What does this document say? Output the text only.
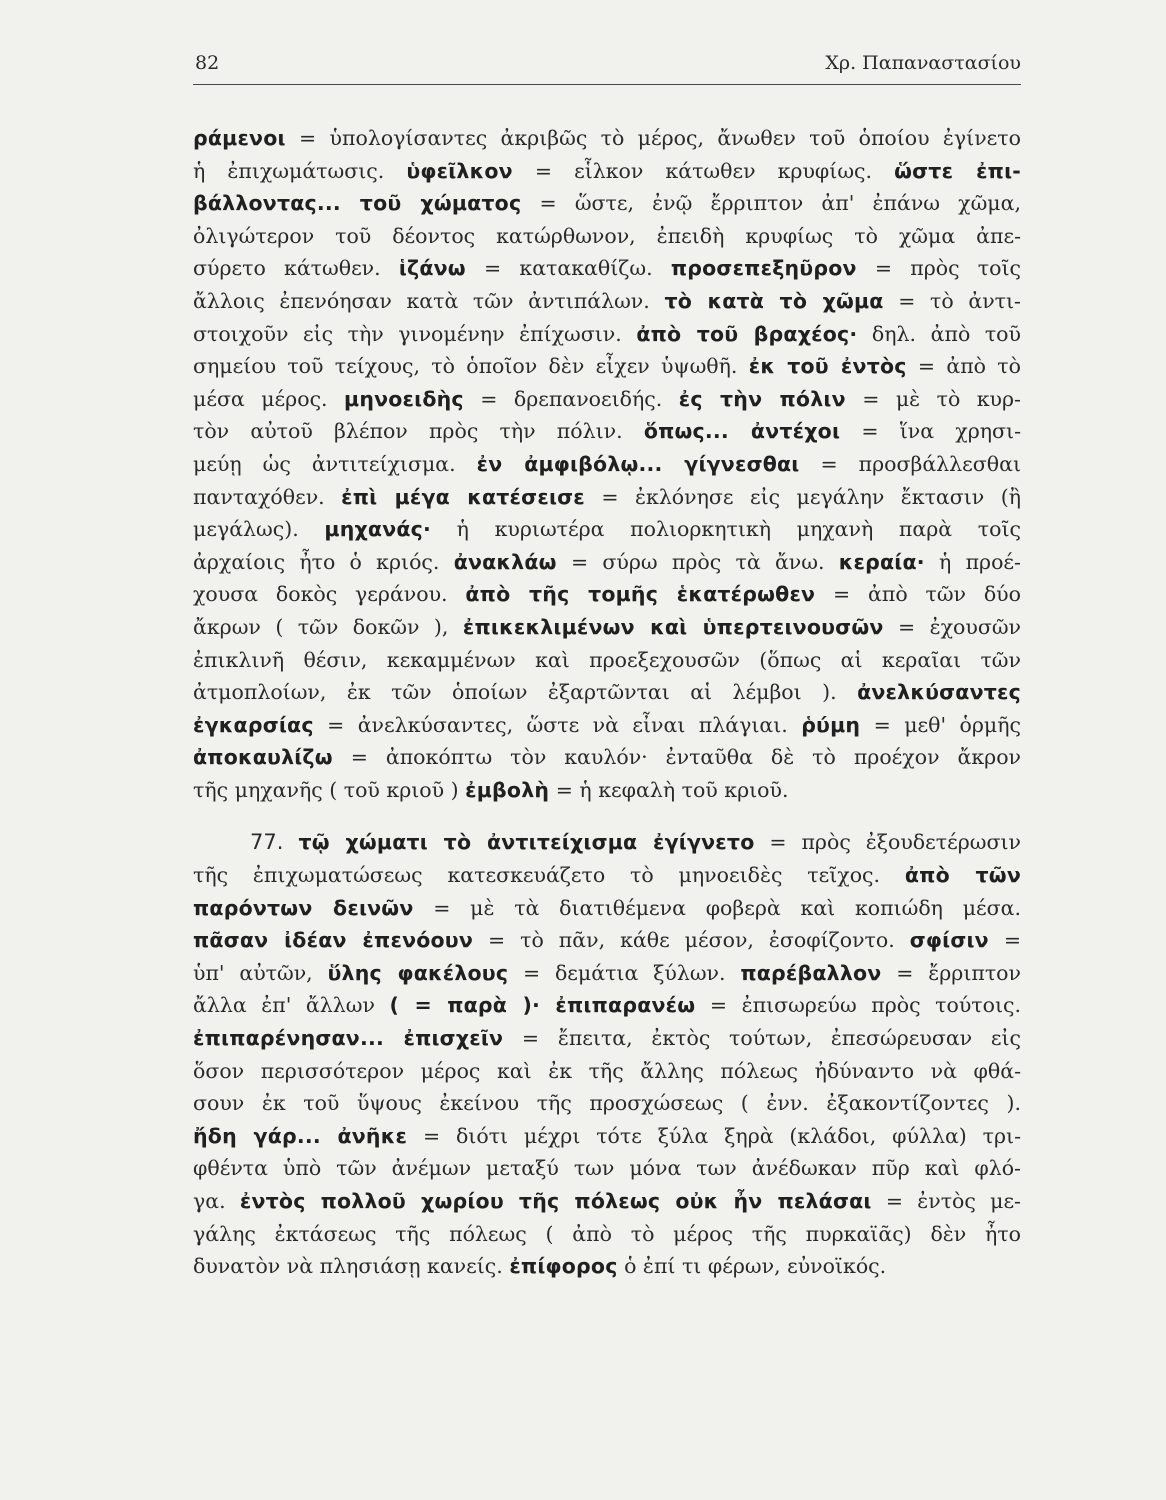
82	Χρ. Παπαναστασίου
ράμενοι = ὑπολογίσαντες ἀκριβῶς τὸ μέρος, ἄνωθεν τοῦ ὁποίου ἐγίνετο
ἡ ἐπιχωμάτωσις. ὑφεῖλκον = εἷλκον κάτωθεν κρυφίως. ὥστε ἐπι-
βάλλοντας... τοῦ χώματος = ὥστε, ἐνῷ ἔρριπτον ἀπ' ἐπάνω χῶμα,
ὀλιγώτερον τοῦ δέοντος κατώρθωνον, ἐπειδὴ κρυφίως τὸ χῶμα ἀπε-
σύρετο κάτωθεν. ἱζάνω = κατακαθίζω. προσεπεξηῦρον = πρὸς τοῖς
ἄλλοις ἐπενόησαν κατὰ τῶν ἀντιπάλων. τὸ κατὰ τὸ χῶμα = τὸ ἀντι-
στοιχοῦν εἰς τὴν γινομένην ἐπίχωσιν. ἀπὸ τοῦ βραχέος· δηλ. ἀπὸ τοῦ
σημείου τοῦ τείχους, τὸ ὁποῖον δὲν εἶχεν ὑψωθῆ. ἐκ τοῦ ἐντὸς = ἀπὸ τὸ
μέσα μέρος. μηνοειδὴς = δρεπανοειδής. ἐς τὴν πόλιν = μὲ τὸ κυρ-
τὸν αὐτοῦ βλέπον πρὸς τὴν πόλιν. ὅπως... ἀντέχοι = ἵνα χρησι-
μεύῃ ὡς ἀντιτείχισμα. ἐν ἀμφιβόλῳ... γίγνεσθαι = προσβάλλεσθαι
πανταχόθεν. ἐπὶ μέγα κατέσεισε = ἐκλόνησε εἰς μεγάλην ἔκτασιν (ἢ
μεγάλως). μηχανάς· ἡ κυριωτέρα πολιορκητικὴ μηχανὴ παρὰ τοῖς
ἀρχαίοις ἦτο ὁ κριός. ἀνακλάω = σύρω πρὸς τὰ ἄνω. κεραία· ἡ προέ-
χουσα δοκὸς γεράνου. ἀπὸ τῆς τομῆς ἑκατέρωθεν = ἀπὸ τῶν δύο
ἄκρων ( τῶν δοκῶν ), ἐπικεκλιμένων καὶ ὑπερτεινουσῶν = ἐχουσῶν
ἐπικλινῆ θέσιν, κεκαμμένων καὶ προεξεχουσῶν (ὅπως αἱ κεραῖαι τῶν
ἀτμοπλοίων, ἐκ τῶν ὁποίων ἐξαρτῶνται αἱ λέμβοι ). ἀνελκύσαντες
ἐγκαρσίας = ἀνελκύσαντες, ὥστε νὰ εἶναι πλάγιαι. ῥύμη = μεθ' ὁρμῆς
ἀποκαυλίζω = ἀποκόπτω τὸν καυλόν· ἐνταῦθα δὲ τὸ προέχον ἄκρον
τῆς μηχανῆς ( τοῦ κριοῦ ) ἐμβολὴ = ἡ κεφαλὴ τοῦ κριοῦ.
77. τῷ χώματι τὸ ἀντιτείχισμα ἐγίγνετο = πρὸς ἐξουδετέρωσιν
τῆς ἐπιχωματώσεως κατεσκευάζετο τὸ μηνοειδὲς τεῖχος. ἀπὸ τῶν
παρόντων δεινῶν = μὲ τὰ διατιθέμενα φοβερὰ καὶ κοπιώδη μέσα.
πᾶσαν ἰδέαν ἐπενόουν = τὸ πᾶν, κάθε μέσον, ἐσοφίζοντο. σφίσιν =
ὑπ' αὐτῶν, ὕλης φακέλους = δεμάτια ξύλων. παρέβαλλον = ἔρριπτον
ἄλλα ἐπ' ἄλλων ( = παρὰ )· ἐπιπαρανέω = ἐπισωρεύω πρὸς τούτοις.
ἐπιπαρένησαν... ἐπισχεῖν = ἔπειτα, ἐκτὸς τούτων, ἐπεσώρευσαν εἰς
ὅσον περισσότερον μέρος καὶ ἐκ τῆς ἄλλης πόλεως ἠδύναντο νὰ φθά-
σουν ἐκ τοῦ ὕψους ἐκείνου τῆς προσχώσεως ( ἐνν. ἐξακοντίζοντες ).
ἤδη γάρ... ἀνῆκε = διότι μέχρι τότε ξύλα ξηρὰ (κλάδοι, φύλλα) τρι-
φθέντα ὑπὸ τῶν ἀνέμων μεταξύ των μόνα των ἀνέδωκαν πῦρ καὶ φλό-
γα. ἐντὸς πολλοῦ χωρίου τῆς πόλεως οὐκ ἦν πελάσαι = ἐντὸς με-
γάλης ἐκτάσεως τῆς πόλεως ( ἀπὸ τὸ μέρος τῆς πυρκαϊᾶς) δὲν ἦτο
δυνατὸν νὰ πλησιάσῃ κανείς. ἐπίφορος ὁ ἐπί τι φέρων, εὐνοϊκός.
